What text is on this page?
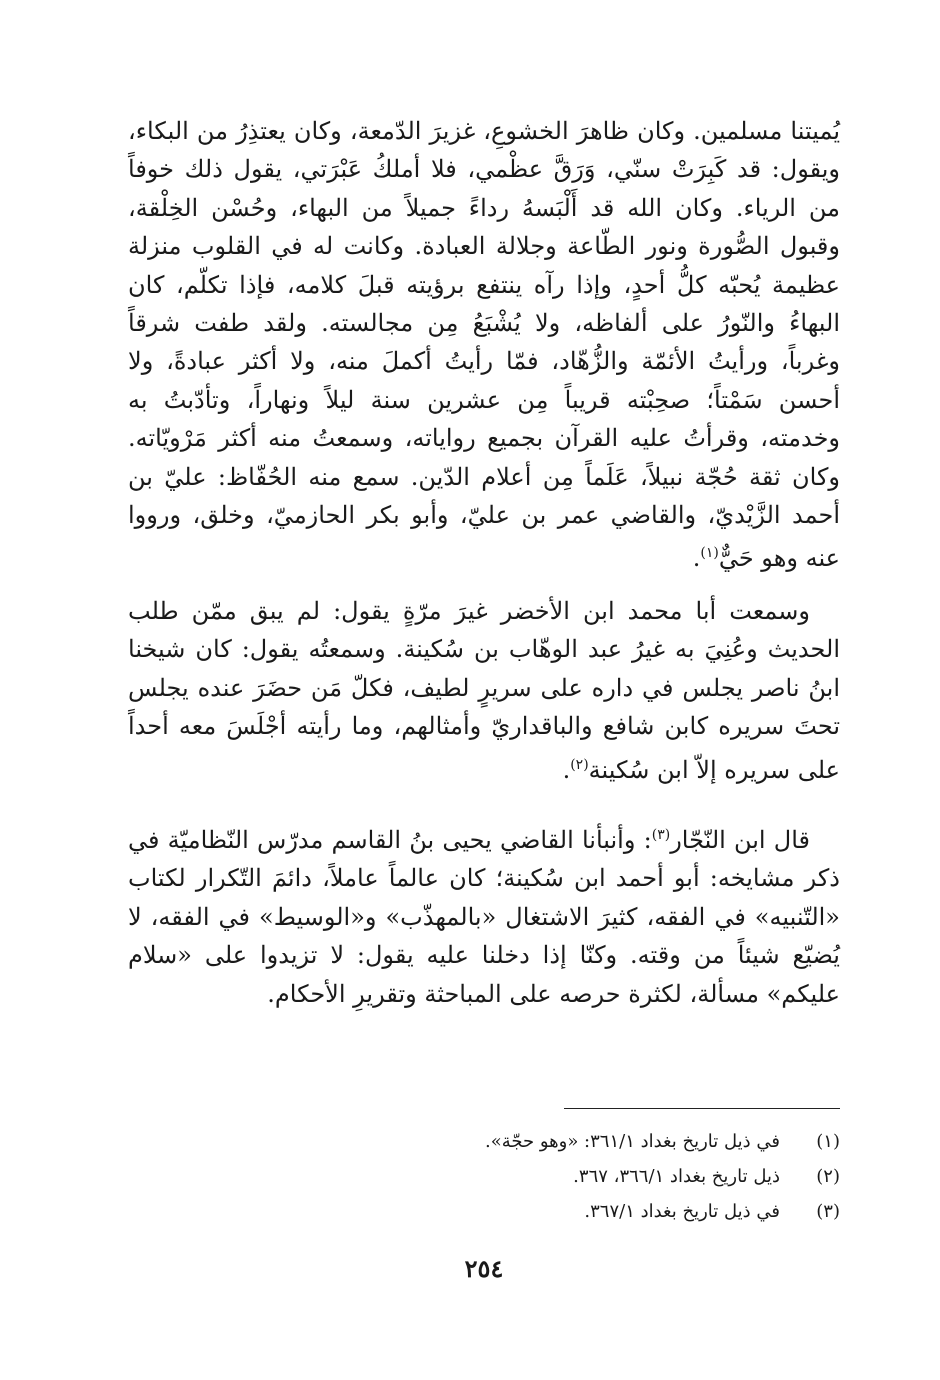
يُميتنا مسلمين. وكان ظاهرَ الخشوعِ، غزيرَ الدّمعة، وكان يعتذِرُ من البكاء، ويقول: قد كَبِرَتْ سنّي، وَرَقَّ عظْمي، فلا أملكُ عَبْرَتي، يقول ذلك خوفاً من الرياء. وكان الله قد أَلْبَسهُ رداءً جميلاً من البهاء، وحُسْن الخِلْقة، وقبول الصُّورة ونور الطّاعة وجلالة العبادة. وكانت له في القلوب منزلة عظيمة يُحبّه كلُّ أحدٍ، وإذا رآه ينتفع برؤيته قبلَ كلامه، فإذا تكلّم، كان البهاءُ والنّورُ على ألفاظه، ولا يُشْبَعُ مِن مجالسته. ولقد طفت شرقاً وغرباً، ورأيتُ الأئمّة والزُّهّاد، فمّا رأيتُ أكملَ منه، ولا أكثر عبادةً، ولا أحسن سَمْتاً؛ صحِبْته قريباً مِن عشرين سنة ليلاً ونهاراً، وتأدّبتُ به وخدمته، وقرأتُ عليه القرآن بجميع رواياته، وسمعتُ منه أكثر مَرْويّاته. وكان ثقة حُجّة نبيلاً، عَلَماً مِن أعلام الدّين. سمع منه الحُفّاظ: عليّ بن أحمد الزَّيْديّ، والقاضي عمر بن عليّ، وأبو بكر الحازميّ، وخلق، ورووا عنه وهو حَيٌّ$^{(١)}$.

وسمعت أبا محمد ابن الأخضر غيرَ مرّةٍ يقول: لم يبق ممّن طلب الحديث وعُنِيَ به غيرُ عبد الوهّاب بن سُكينة. وسمعتُه يقول: كان شيخنا ابنُ ناصر يجلس في داره على سريرٍ لطيف، فكلّ مَن حضَرَ عنده يجلس تحتَ سريره كابن شافع والباقداريّ وأمثالهم، وما رأيته أجْلَسَ معه أحداً على سريره إلاّ ابن سُكينة$^{(٢)}$.

قال ابن النّجّار$^{(٣)}$: وأنبأنا القاضي يحيى بنُ القاسم مدرّس النّظاميّة في ذكر مشايخه: أبو أحمد ابن سُكينة؛ كان عالماً عاملاً، دائمَ التّكرار لكتاب «التّنبيه» في الفقه، كثيرَ الاشتغال «بالمهذّب» و«الوسيط» في الفقه، لا يُضيّع شيئاً من وقته. وكنّا إذا دخلنا عليه يقول: لا تزيدوا على «سلام عليكم» مسألة، لكثرة حرصه على المباحثة وتقريرِ الأحكام.

(١)
في ذيل تاريخ بغداد ٣٦١/١: «وهو حجّة».
(٢)
ذيل تاريخ بغداد ٣٦٦/١، ٣٦٧.
(٣)
في ذيل تاريخ بغداد ٣٦٧/١.
٢٥٤
